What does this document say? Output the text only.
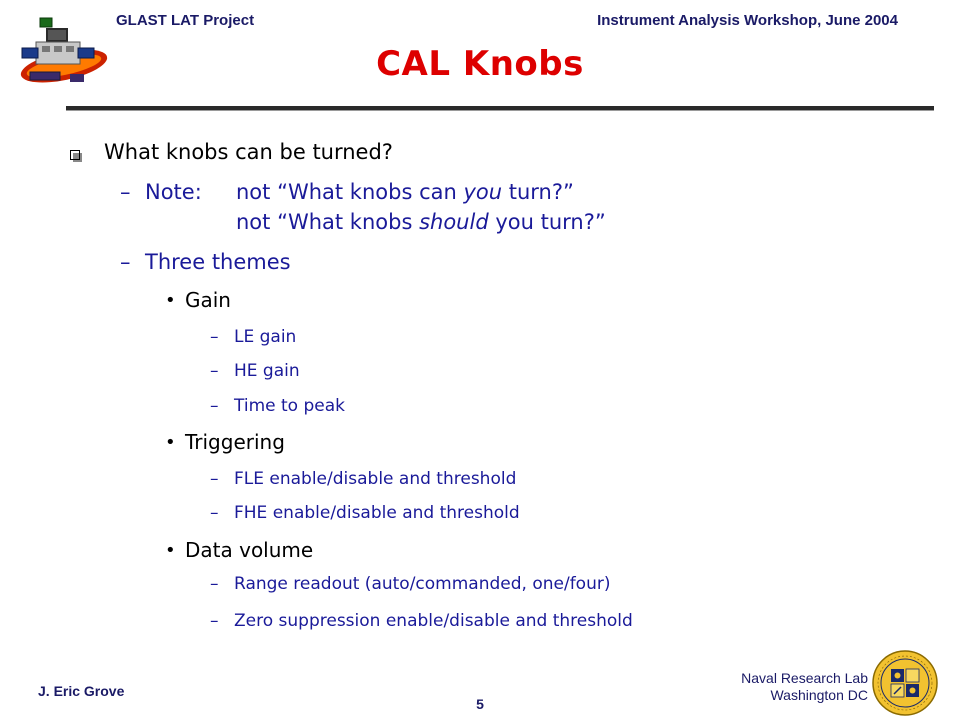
GLAST LAT Project	Instrument Analysis Workshop, June 2004
CAL Knobs
What knobs can be turned?
– Note: not “What knobs can you turn?”
not “What knobs should you turn?”
– Three themes
• Gain
– LE gain
– HE gain
– Time to peak
• Triggering
– FLE enable/disable and threshold
– FHE enable/disable and threshold
• Data volume
– Range readout (auto/commanded, one/four)
– Zero suppression enable/disable and threshold
J. Eric Grove
5
Naval Research Lab
Washington DC
